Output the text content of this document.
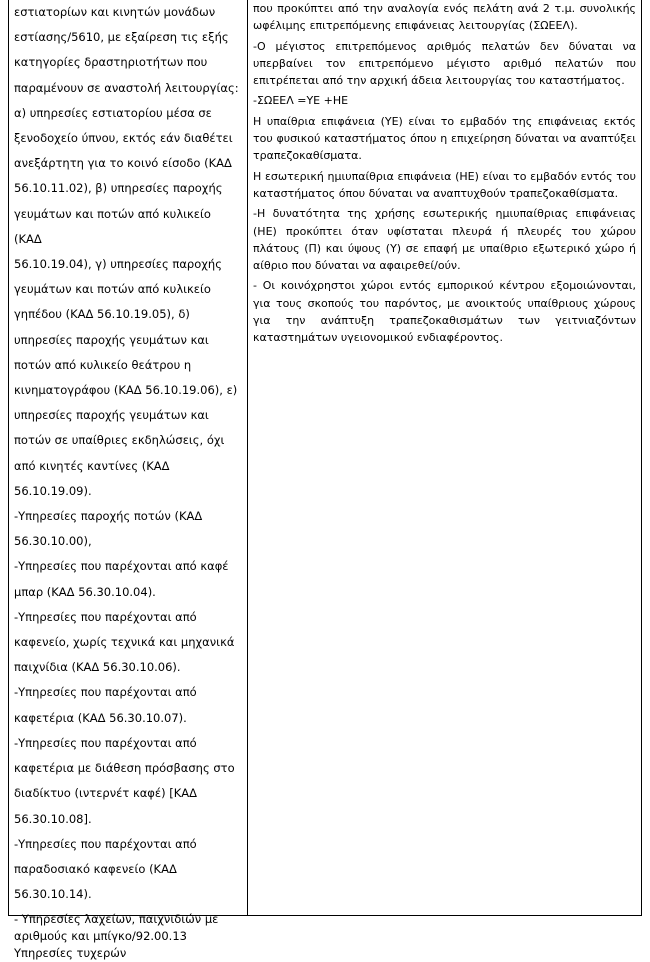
εστιατορίων και κινητών μονάδων
εστίασης/5610, με εξαίρεση τις εξής
κατηγορίες δραστηριοτήτων που
παραμένουν σε αναστολή λειτουργίας:
α) υπηρεσίες εστιατορίου μέσα σε
ξενοδοχείο ύπνου, εκτός εάν διαθέτει
ανεξάρτητη για το κοινό είσοδο (ΚΑΔ
56.10.11.02), β) υπηρεσίες παροχής
γευμάτων και ποτών από κυλικείο (ΚΑΔ
56.10.19.04), γ) υπηρεσίες παροχής
γευμάτων και ποτών από κυλικείο
γηπέδου (ΚΑΔ 56.10.19.05), δ)
υπηρεσίες παροχής γευμάτων και
ποτών από κυλικείο θεάτρου η
κινηματογράφου (ΚΑΔ 56.10.19.06), ε)
υπηρεσίες παροχής γευμάτων και
ποτών σε υπαίθριες εκδηλώσεις, όχι
από κινητές καντίνες (ΚΑΔ 56.10.19.09).

-Υπηρεσίες παροχής ποτών (ΚΑΔ
56.30.10.00),

-Υπηρεσίες που παρέχονται από καφέ
μπαρ (ΚΑΔ 56.30.10.04).

-Υπηρεσίες που παρέχονται από
καφενείο, χωρίς τεχνικά και μηχανικά
παιχνίδια (ΚΑΔ 56.30.10.06).

-Υπηρεσίες που παρέχονται από
καφετέρια (ΚΑΔ 56.30.10.07).

-Υπηρεσίες που παρέχονται από
καφετέρια με διάθεση πρόσβασης στο
διαδίκτυο (ιντερνέτ καφέ) [ΚΑΔ
56.30.10.08].

-Υπηρεσίες που παρέχονται από
παραδοσιακό καφενείο (ΚΑΔ
56.30.10.14).

- Υπηρεσίες λαχείων, παιχνιδιών με
αριθμούς και μπίγκο/92.00.13
Υπηρεσίες τυχερών

που προκύπτει από την αναλογία ενός πελάτη ανά 2 τ.μ. συνολικής ωφέλιμης επιτρεπόμενης επιφάνειας λειτουργίας (ΣΩΕΕΛ).

-Ο μέγιστος επιτρεπόμενος αριθμός πελατών δεν δύναται να υπερβαίνει τον επιτρεπόμενο μέγιστο αριθμό πελατών που επιτρέπεται από την αρχική άδεια λειτουργίας του καταστήματος.

-ΣΩΕΕΛ =ΥΕ +ΗΕ

Η υπαίθρια επιφάνεια (ΥΕ) είναι το εμβαδόν της επιφάνειας εκτός του φυσικού καταστήματος όπου η επιχείρηση δύναται να αναπτύξει τραπεζοκαθίσματα.

Η εσωτερική ημιυπαίθρια επιφάνεια (ΗΕ) είναι το εμβαδόν εντός του καταστήματος όπου δύναται να αναπτυχθούν τραπεζοκαθίσματα.

-Η δυνατότητα της χρήσης εσωτερικής ημιυπαίθριας επιφάνειας (ΗΕ) προκύπτει όταν υφίσταται πλευρά ή πλευρές του χώρου πλάτους (Π) και ύψους (Υ) σε επαφή με υπαίθριο εξωτερικό χώρο ή αίθριο που δύναται να αφαιρεθεί/ούν.

- Οι κοινόχρηστοι χώροι εντός εμπορικού κέντρου εξομοιώνονται, για τους σκοπούς του παρόντος, με ανοικτούς υπαίθριους χώρους για την ανάπτυξη τραπεζοκαθισμάτων των γειτνιαζόντων καταστημάτων υγειονομικού ενδιαφέροντος.
